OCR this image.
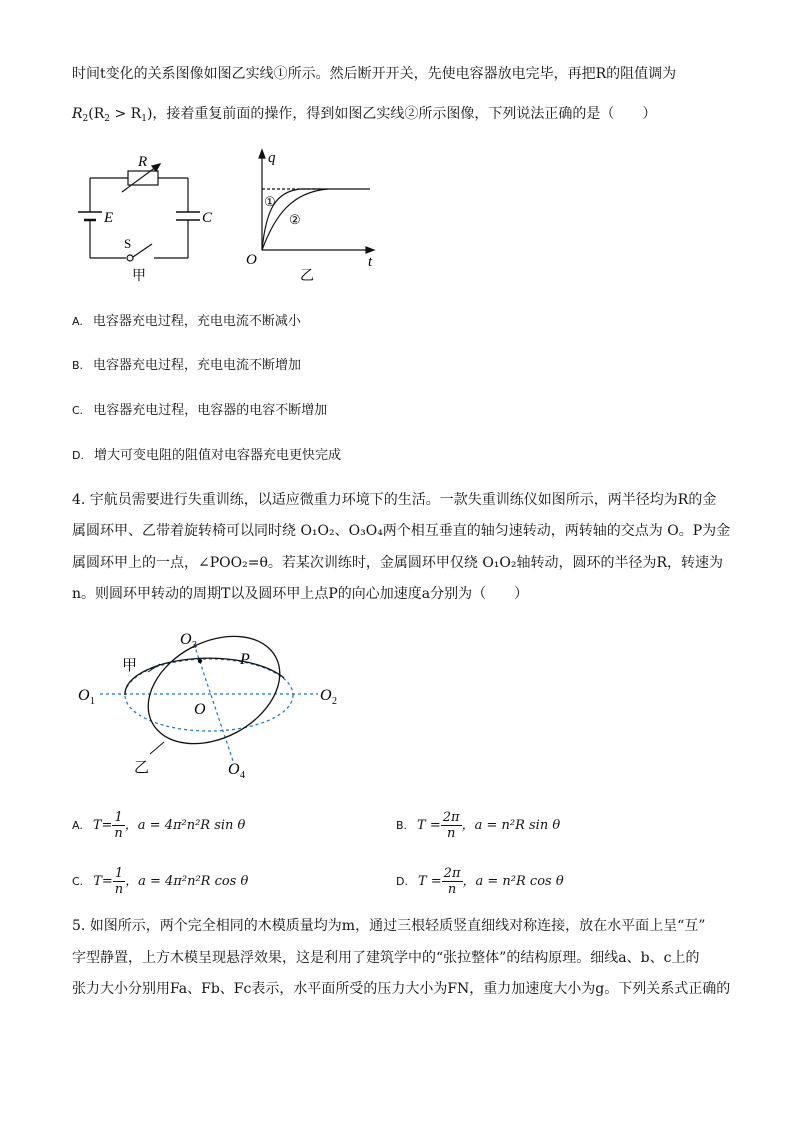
时间t变化的关系图像如图乙实线①所示。然后断开开关，先使电容器放电完毕，再把R的阻值调为
$R_2(R_2 > R_1)$，接着重复前面的操作，得到如图乙实线②所示图像，下列说法正确的是（　　）
R
E	C
S
甲
q
t
O
乙
①
②
A. 电容器充电过程，充电电流不断减小
B. 电容器充电过程，充电电流不断增加
C. 电容器充电过程，电容器的电容不断增加
D. 增大可变电阻的阻值对电容器充电更快完成
4. 宇航员需要进行失重训练，以适应微重力环境下的生活。一款失重训练仪如图所示，两半径均为R的金
属圆环甲、乙带着旋转椅可以同时绕 O₁O₂、O₃O₄两个相互垂直的轴匀速转动，两转轴的交点为 O。P为金
属圆环甲上的一点，∠POO₂=θ。若某次训练时，金属圆环甲仅绕 O₁O₂轴转动，圆环的半径为R，转速为
n。则圆环甲转动的周期T以及圆环甲上点P的向心加速度a分别为（　　）
O 3
O 1	O 2
O 4
O
P
甲
乙
A. $T= \frac{1}{n}$ ，a = 4π²n²R sin θ	B. $T = \frac{2\pi}{n}$ ，a = n²R sin θ
C. $T= \frac{1}{n}$ ，a = 4π²n²R cos θ	D. $T = \frac{2\pi}{n}$ ，a = n²R cos θ
5. 如图所示，两个完全相同的木模质量均为m，通过三根轻质竖直细线对称连接，放在水平面上呈“互”
字型静置，上方木模呈现悬浮效果，这是利用了建筑学中的“张拉整体”的结构原理。细线a、b、c上的
张力大小分别用Fa、Fb、Fc表示，水平面所受的压力大小为FN，重力加速度大小为g。下列关系式正确的
